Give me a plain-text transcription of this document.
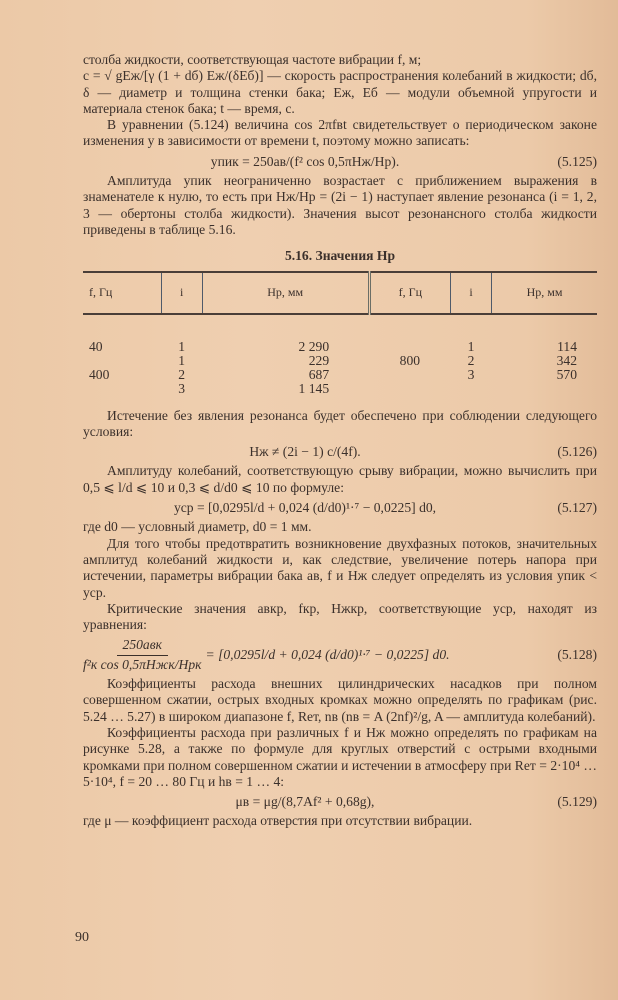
столба жидкости, соответствующая частоте вибрации f, м;

c = √ gEж/[γ (1 + dб) Eж/(δEб)] — скорость распространения колебаний в жидкости; dб, δ — диаметр и толщина стенки бака; Eж, Eб — модули объемной упругости и материала стенок бака; t — время, с.

В уравнении (5.124) величина cos 2πfвt свидетельствует о периодическом законе изменения y в зависимости от времени t, поэтому можно записать:

yпик = 250aв/(f² cos 0,5πHж/Hр).	(5.125)

Амплитуда yпик неограниченно возрастает с приближением выражения в знаменателе к нулю, то есть при Hж/Hр = (2i − 1) наступает явление резонанса (i = 1, 2, 3 — обертоны столба жидкости). Значения высот резонансного столба жидкости приведены в таблице 5.16.

5.16. Значения Hр
f, Гц	i	Hр, мм	f, Гц	i	Hр, мм

40	1	2 290		1	114
	1	229	800	2	342
400	2	687		3	570
	3	1 145			

Истечение без явления резонанса будет обеспечено при соблюдении следующего условия:

Hж ≠ (2i − 1) c/(4f).	(5.126)

Амплитуду колебаний, соответствующую срыву вибрации, можно вычислить при 0,5 ⩽ l/d ⩽ 10 и 0,3 ⩽ d/d0 ⩽ 10 по формуле:

yср = [0,0295l/d + 0,024 (d/d0)¹·⁷ − 0,0225] d0,	(5.127)

где d0 — условный диаметр, d0 = 1 мм.

Для того чтобы предотвратить возникновение двухфазных потоков, значительных амплитуд колебаний жидкости и, как следствие, увеличение потерь напора при истечении, параметры вибрации бака aв, f и Hж следует определять из условия yпик < yср.

Критические значения aвкр, fкр, Hжкр, соответствующие yср, находят из уравнения:

$\frac{\text{250aвк}}{\text{f²к cos 0,5πHжк/Hрк}} = [0,0295l/d + 0,024$ (d/d0)¹·⁷ − 0,0225] d0.	(5.128)

Коэффициенты расхода внешних цилиндрических насадков при полном совершенном сжатии, острых входных кромках можно определять по графикам (рис. 5.24 … 5.27) в широком диапазоне f, Reт, nв (nв = A (2nf)²/g, A — амплитуда колебаний).

Коэффициенты расхода при различных f и Hж можно определять по графикам на рисунке 5.28, а также по формуле для круглых отверстий с острыми входными кромками при полном совершенном сжатии и истечении в атмосферу при Reт = 2·10⁴ … 5·10⁴, f = 20 … 80 Гц и hв = 1 … 4:

μв = μg/(8,7Af² + 0,68g),	(5.129)

где μ — коэффициент расхода отверстия при отсутствии вибрации.

90
